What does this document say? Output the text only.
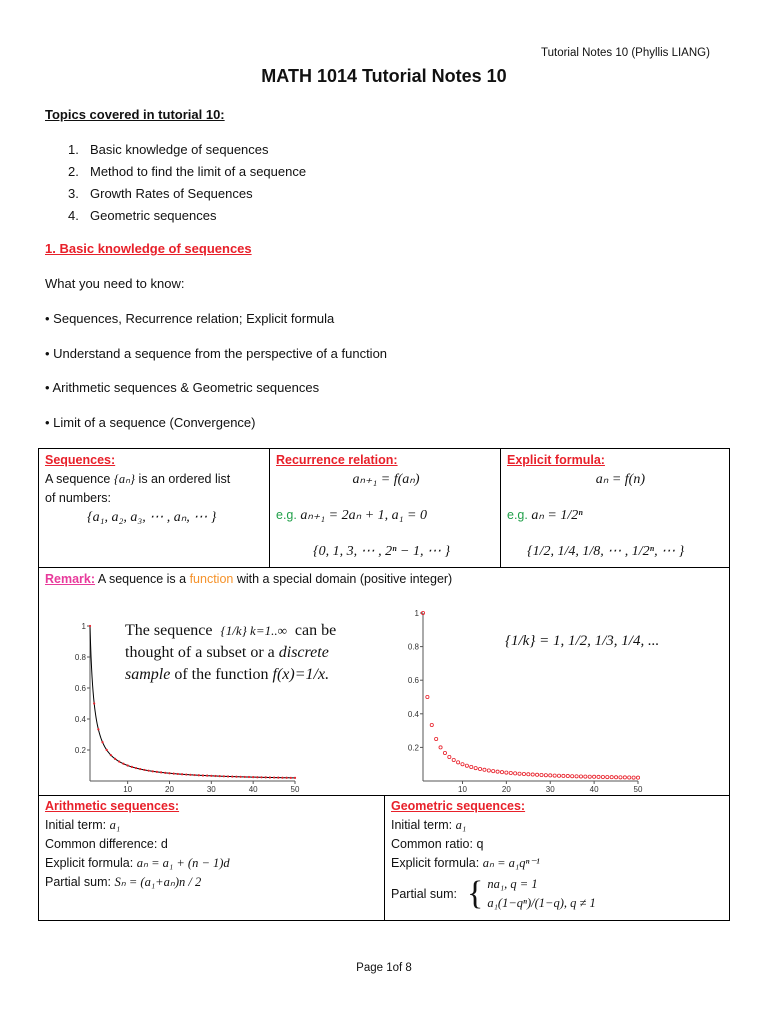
Tutorial Notes 10 (Phyllis LIANG)
MATH 1014 Tutorial Notes 10
Topics covered in tutorial 10:
1. Basic knowledge of sequences
2. Method to find the limit of a sequence
3. Growth Rates of Sequences
4. Geometric sequences
1. Basic knowledge of sequences
What you need to know:
• Sequences, Recurrence relation; Explicit formula
• Understand a sequence from the perspective of a function
• Arithmetic sequences & Geometric sequences
• Limit of a sequence (Convergence)
Sequences:
A sequence {aₙ} is an ordered list
of numbers:
{a₁, a₂, a₃, ⋯ , aₙ, ⋯ }
Recurrence relation:
aₙ₊₁ = f(aₙ)
e.g. aₙ₊₁ = 2aₙ + 1, a₁ = 0
{0, 1, 3, ⋯ , 2ⁿ − 1, ⋯ }
Explicit formula:
aₙ = f(n)
e.g. aₙ = 1/2ⁿ
{1/2, 1/4, 1/8, ⋯ , 1/2ⁿ, ⋯ }
Remark: A sequence is a function with a special domain (positive integer)
10	20	30	40	50
0.2
0.4
0.6
0.8
1 The sequence {1/k} k=1..∞ can be
thought of a subset or a discrete
sample of the function f(x)=1/x.
10	20	30	40	50
0.2
0.4
0.6
0.8
1
{1/k} = 1, 1/2, 1/3, 1/4, ...
Arithmetic sequences:
Initial term: a₁
Common difference: d
Explicit formula: aₙ = a₁ + (n − 1)d
Partial sum: Sₙ = (a₁+aₙ)n / 2
Geometric sequences:
Initial term: a₁
Common ratio: q
Explicit formula: aₙ = a₁qⁿ⁻¹
Partial sum: { na₁, q = 1
a₁(1−qⁿ)/(1−q), q ≠ 1
Page 1of 8
